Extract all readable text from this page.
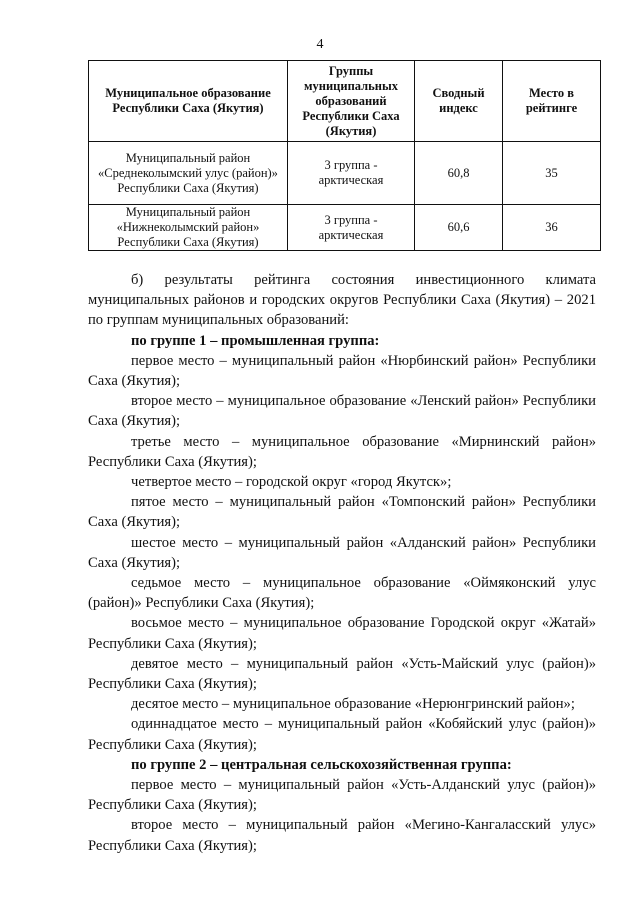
4
Муниципальное образование Республики Саха (Якутия)	Группы муниципальных образований Республики Саха (Якутия)	Сводный индекс	Место в рейтинге
Муниципальный район «Среднеколымский улус (район)» Республики Саха (Якутия)	3 группа - арктическая	60,8	35
Муниципальный район «Нижнеколымский район» Республики Саха (Якутия)	3 группа - арктическая	60,6	36

б) результаты рейтинга состояния инвестиционного климата муниципальных районов и городских округов Республики Саха (Якутия) – 2021 по группам муниципальных образований:

по группе 1 – промышленная группа:

первое место – муниципальный район «Нюрбинский район» Республики Саха (Якутия);

второе место – муниципальное образование «Ленский район» Республики Саха (Якутия);

третье место – муниципальное образование «Мирнинский район» Республики Саха (Якутия);

четвертое место – городской округ «город Якутск»;

пятое место – муниципальный район «Томпонский район» Республики Саха (Якутия);

шестое место – муниципальный район «Алданский район» Республики Саха (Якутия);

седьмое место – муниципальное образование «Оймяконский улус (район)» Республики Саха (Якутия);

восьмое место – муниципальное образование Городской округ «Жатай» Республики Саха (Якутия);

девятое место – муниципальный район «Усть-Майский улус (район)» Республики Саха (Якутия);

десятое место – муниципальное образование «Нерюнгринский район»;

одиннадцатое место – муниципальный район «Кобяйский улус (район)» Республики Саха (Якутия);

по группе 2 – центральная сельскохозяйственная группа:

первое место – муниципальный район «Усть-Алданский улус (район)» Республики Саха (Якутия);

второе место – муниципальный район «Мегино-Кангаласский улус» Республики Саха (Якутия);
